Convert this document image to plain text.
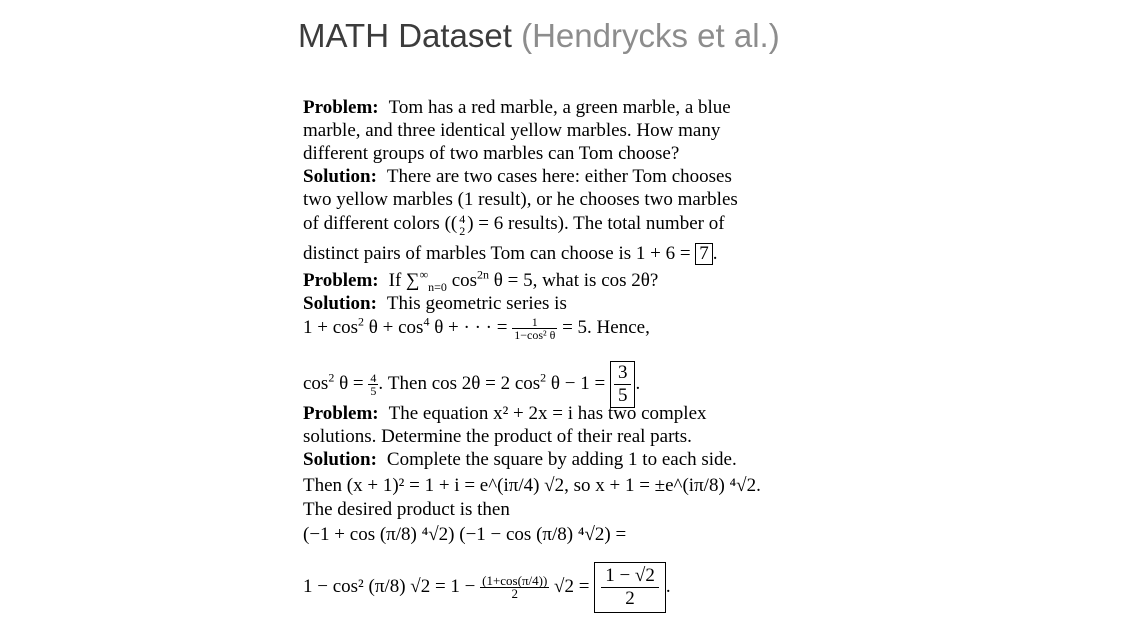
MATH Dataset (Hendrycks et al.)
Problem: Tom has a red marble, a green marble, a blue
marble, and three identical yellow marbles. How many
different groups of two marbles can Tom choose?
Solution: There are two cases here: either Tom chooses
two yellow marbles (1 result), or he chooses two marbles
of different colors (( 4
2 ) = 6 results). The total number of
distinct pairs of marbles Tom can choose is 1 + 6 = 7 .
Problem: If $\sum^\infty_{n=0}$ $\cos^{2n} \theta = 5$, what is cos 2θ?
Solution: This geometric series is
$1 + \cos^2 \theta + \cos^4 \theta$ + · · · = $\frac{1}{\text{1−cos² θ}} = 5$. Hence,
$\cos^2 \theta = \frac{4}{5}$ . Then cos 2θ = 2 $\cos^2 \theta - 1 = \frac{3}{5}$ .
Problem: The equation x² + 2x = i has two complex
solutions. Determine the product of their real parts.
Solution: Complete the square by adding 1 to each side.
Then (x + 1)² = 1 + i = e^(iπ/4) √2, so x + 1 = ±e^(iπ/8) ⁴√2.
The desired product is then
(−1 + cos (π/8) ⁴√2) (−1 − cos (π/8) ⁴√2) =
1 − cos² (π/8) $√2 = 1 - \frac{(1+\cos(\pi/4))}{2} √2 = \frac{1 - √2}{2}$ .
